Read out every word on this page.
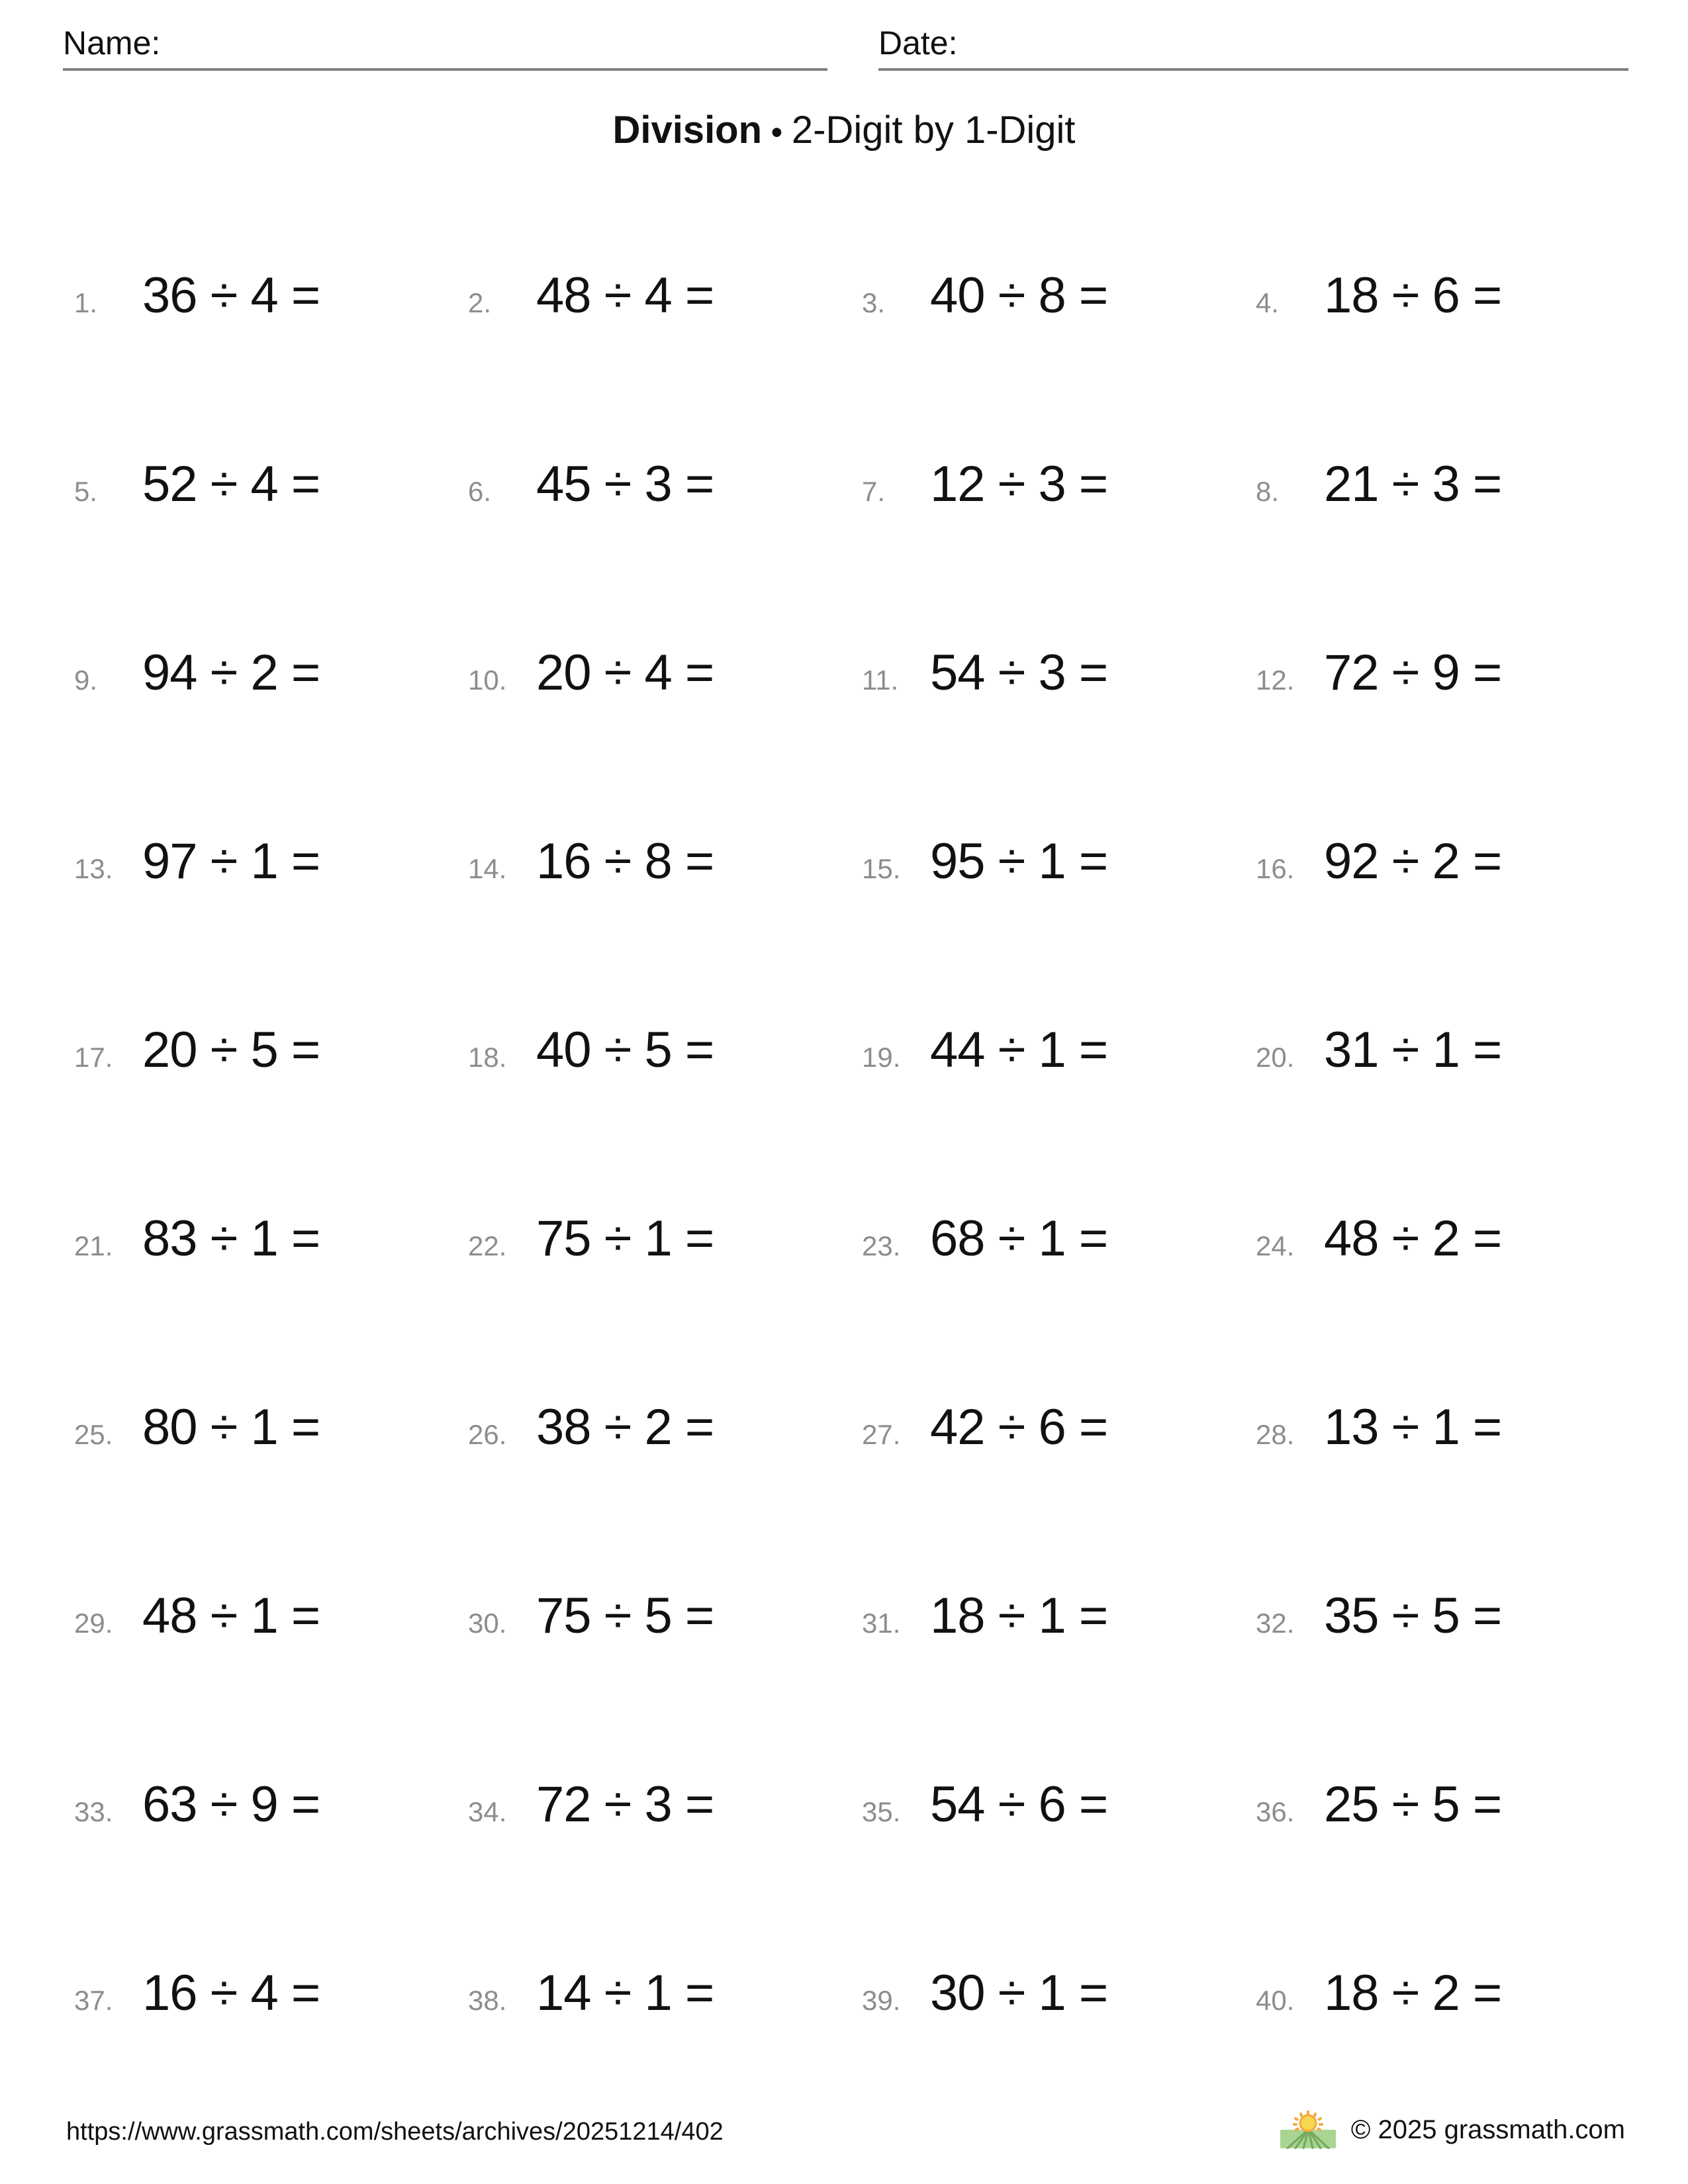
Name:	Date:
Division • 2-Digit by 1-Digit
1. 36 ÷ 4 =	2. 48 ÷ 4 =	3. 40 ÷ 8 =	4. 18 ÷ 6 =
5. 52 ÷ 4 =	6. 45 ÷ 3 =	7. 12 ÷ 3 =	8. 21 ÷ 3 =
9. 94 ÷ 2 =	10. 20 ÷ 4 =	11. 54 ÷ 3 =	12. 72 ÷ 9 =
13. 97 ÷ 1 =	14. 16 ÷ 8 =	15. 95 ÷ 1 =	16. 92 ÷ 2 =
17. 20 ÷ 5 =	18. 40 ÷ 5 =	19. 44 ÷ 1 =	20. 31 ÷ 1 =
21. 83 ÷ 1 =	22. 75 ÷ 1 =	23. 68 ÷ 1 =	24. 48 ÷ 2 =
25. 80 ÷ 1 =	26. 38 ÷ 2 =	27. 42 ÷ 6 =	28. 13 ÷ 1 =
29. 48 ÷ 1 =	30. 75 ÷ 5 =	31. 18 ÷ 1 =	32. 35 ÷ 5 =
33. 63 ÷ 9 =	34. 72 ÷ 3 =	35. 54 ÷ 6 =	36. 25 ÷ 5 =
37. 16 ÷ 4 =	38. 14 ÷ 1 =	39. 30 ÷ 1 =	40. 18 ÷ 2 =
https://www.grassmath.com/sheets/archives/20251214/402	© 2025 grassmath.com
